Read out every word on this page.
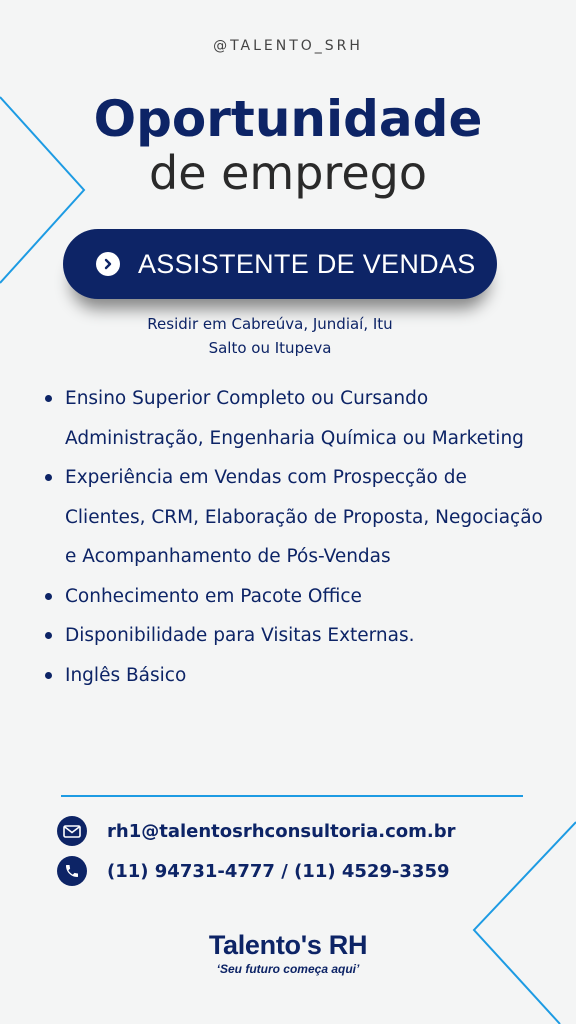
@TALENTO_SRH
Oportunidade
de emprego
ASSISTENTE DE VENDAS
Residir em Cabreúva, Jundiaí, Itu
Salto ou Itupeva
Ensino Superior Completo ou Cursando Administração, Engenharia Química ou Marketing
Experiência em Vendas com Prospecção de Clientes, CRM, Elaboração de Proposta, Negociação e Acompanhamento de Pós-Vendas
Conhecimento em Pacote Office
Disponibilidade para Visitas Externas.
Inglês Básico
rh1@talentosrhconsultoria.com.br
(11) 94731-4777 / (11) 4529-3359
Talento's RH
‘Seu futuro começa aqui’
